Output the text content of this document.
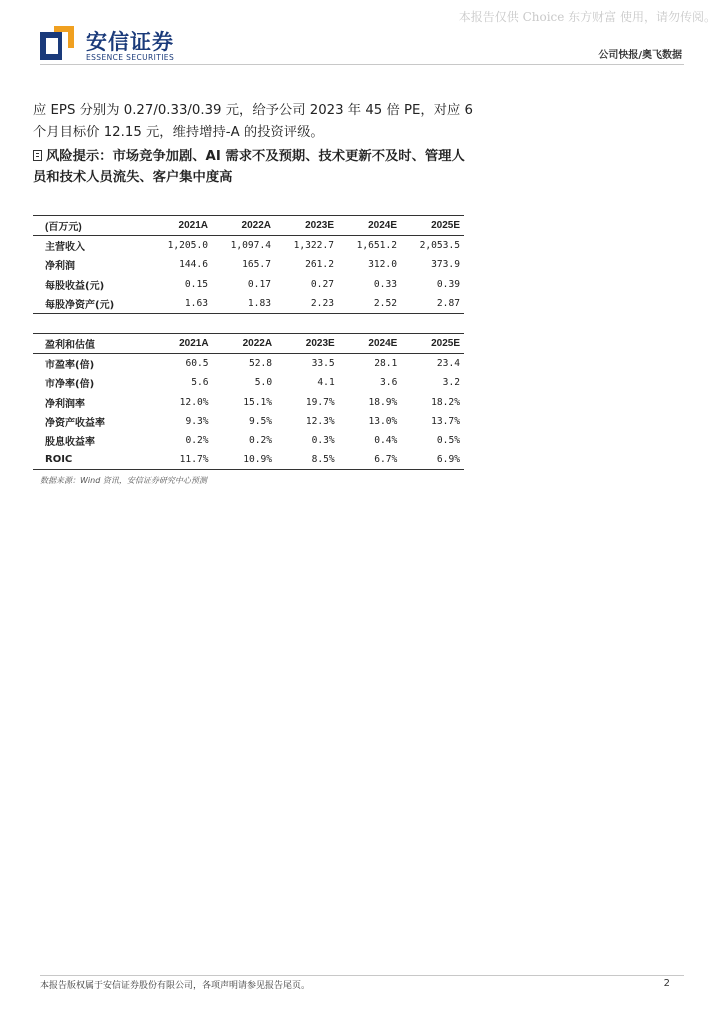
本报告仅供 Choice 东方财富 使用，请勿传阅。
安信证券
ESSENCE SECURITIES	公司快报/奥飞数据
应 EPS 分别为 0.27/0.33/0.39 元，给予公司 2023 年 45 倍 PE，对应 6 个月目标价 12.15 元，维持增持-A 的投资评级。
风险提示：市场竞争加剧、AI 需求不及预期、技术更新不及时、管理人员和技术人员流失、客户集中度高
(百万元)	2021A	2022A	2023E	2024E	2025E
主营收入	1,205.0	1,097.4	1,322.7	1,651.2	2,053.5
净利润	144.6	165.7	261.2	312.0	373.9
每股收益(元)	0.15	0.17	0.27	0.33	0.39
每股净资产(元)	1.63	1.83	2.23	2.52	2.87
盈利和估值	2021A	2022A	2023E	2024E	2025E
市盈率(倍)	60.5	52.8	33.5	28.1	23.4
市净率(倍)	5.6	5.0	4.1	3.6	3.2
净利润率	12.0%	15.1%	19.7%	18.9%	18.2%
净资产收益率	9.3%	9.5%	12.3%	13.0%	13.7%
股息收益率	0.2%	0.2%	0.3%	0.4%	0.5%
ROIC	11.7%	10.9%	8.5%	6.7%	6.9%
数据来源：Wind 资讯，安信证券研究中心预测
本报告版权属于安信证券股份有限公司，各项声明请参见报告尾页。	2
